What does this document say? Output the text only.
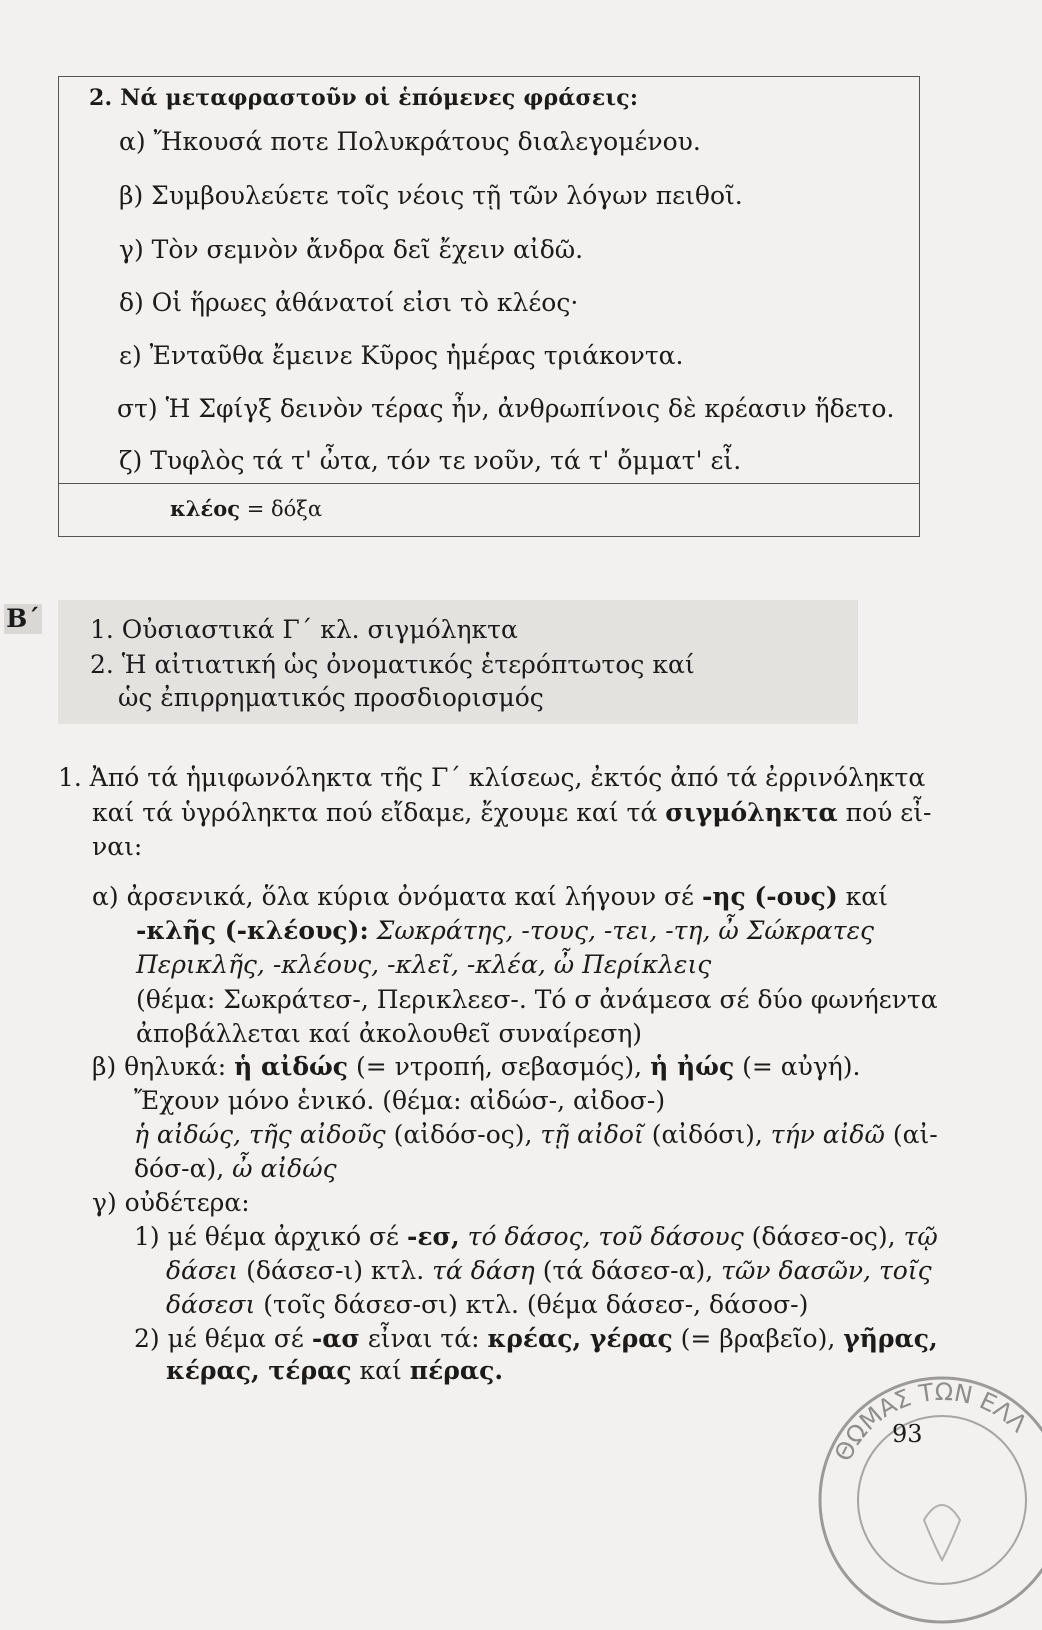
2. Νά μεταφραστοῦν οἱ ἑπόμενες φράσεις:
α) Ἤκουσά ποτε Πολυκράτους διαλεγομένου.
β) Συμβουλεύετε τοῖς νέοις τῇ τῶν λόγων πειθοῖ.
γ) Τὸν σεμνὸν ἄνδρα δεῖ ἔχειν αἰδῶ.
δ) Οἱ ἥρωες ἀθάνατοί εἰσι τὸ κλέος·
ε) Ἐνταῦθα ἔμεινε Κῦρος ἡμέρας τριάκοντα.
στ) Ἡ Σφίγξ δεινὸν τέρας ἦν, ἀνθρωπίνοις δὲ κρέασιν ἥδετο.
ζ) Τυφλὸς τά τ' ὦτα, τόν τε νοῦν, τά τ' ὄμματ' εἶ.
κλέος = δόξα
Β΄ 1. Οὐσιαστικά Γ΄ κλ. σιγμόληκτα
2. Ἡ αἰτιατική ὡς ὀνοματικός ἑτερόπτωτος καί
ὡς ἐπιρρηματικός προσδιορισμός
1. Ἀπό τά ἡμιφωνόληκτα τῆς Γ΄ κλίσεως, ἐκτός ἀπό τά ἐρρινόληκτα
καί τά ὑγρόληκτα πού εἴδαμε, ἔχουμε καί τά σιγμόληκτα πού εἶ-
ναι:
α) ἀρσενικά, ὅλα κύρια ὀνόματα καί λήγουν σέ -ης (-ους) καί
-κλῆς (-κλέους): Σωκράτης, -τους, -τει, -τη, ὦ Σώκρατες
Περικλῆς, -κλέους, -κλεῖ, -κλέα, ὦ Περίκλεις
(θέμα: Σωκράτεσ-, Περικλεεσ-. Τό σ ἀνάμεσα σέ δύο φωνήεντα
ἀποβάλλεται καί ἀκολουθεῖ συναίρεση)
β) θηλυκά: ἡ αἰδώς (= ντροπή, σεβασμός), ἡ ἠώς (= αὐγή).
Ἔχουν μόνο ἑνικό. (θέμα: αἰδώσ-, αἰδοσ-)
ἡ αἰδώς, τῆς αἰδοῦς (αἰδόσ-ος), τῇ αἰδοῖ (αἰδόσι), τήν αἰδῶ (αἰ-
δόσ-α), ὦ αἰδώς
γ) οὐδέτερα:
1) μέ θέμα ἀρχικό σέ -εσ, τό δάσος, τοῦ δάσους (δάσεσ-ος), τῷ
δάσει (δάσεσ-ι) κτλ. τά δάση (τά δάσεσ-α), τῶν δασῶν, τοῖς
δάσεσι (τοῖς δάσεσ-σι) κτλ. (θέμα δάσεσ-, δάσοσ-)
2) μέ θέμα σέ -ασ εἶναι τά: κρέας, γέρας (= βραβεῖο), γῆρας,
κέρας, τέρας καί πέρας.
ΘΩΜΑΣ ΤΩΝ ΕΛΛ
93
